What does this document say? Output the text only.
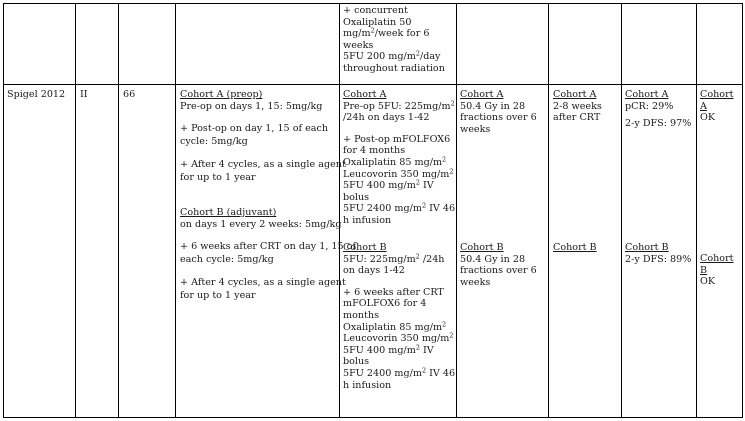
+ concurrent
Oxaliplatin 50
$mg/m^2$/week for 6
weeks
5FU 200 $mg/m^2$/day
throughout radiation
Spigel 2012 II	66	Cohort A (preop)
Pre-op on days 1, 15: 5mg/kg
+ Post-op on day 1, 15 of each
cycle: 5mg/kg
+ After 4 cycles, as a single agent
for up to 1 year
Cohort B (adjuvant)
on days 1 every 2 weeks: 5mg/kg
+ 6 weeks after CRT on day 1, 15 of
each cycle: 5mg/kg
+ After 4 cycles, as a single agent
for up to 1 year
Cohort A
Pre-op 5FU: $225mg/m^2$
/24h on days 1-42
+ Post-op mFOLFOX6
for 4 months
Oxaliplatin 85 $mg/m^2$
Leucovorin 350 $mg/m^2$
5FU 400 $mg/m^2$ IV
bolus
5FU 2400 $mg/m^2$ IV 46
h infusion
Cohort B
5FU: $225mg/m^2$ /24h
on days 1-42
+ 6 weeks after CRT
mFOLFOX6 for 4
months
Oxaliplatin 85 $mg/m^2$
Leucovorin 350 $mg/m^2$
5FU 400 $mg/m^2$ IV
bolus
5FU 2400 $mg/m^2$ IV 46
h infusion
Cohort A
50.4 Gy in 28
fractions over 6
weeks
Cohort B
50.4 Gy in 28
fractions over 6
weeks
Cohort A
2-8 weeks
after CRT
Cohort B
Cohort A
pCR: 29%
2-y DFS: 97%
Cohort B
2-y DFS: 89%
Cohort
A
OK
Cohort
B
OK
